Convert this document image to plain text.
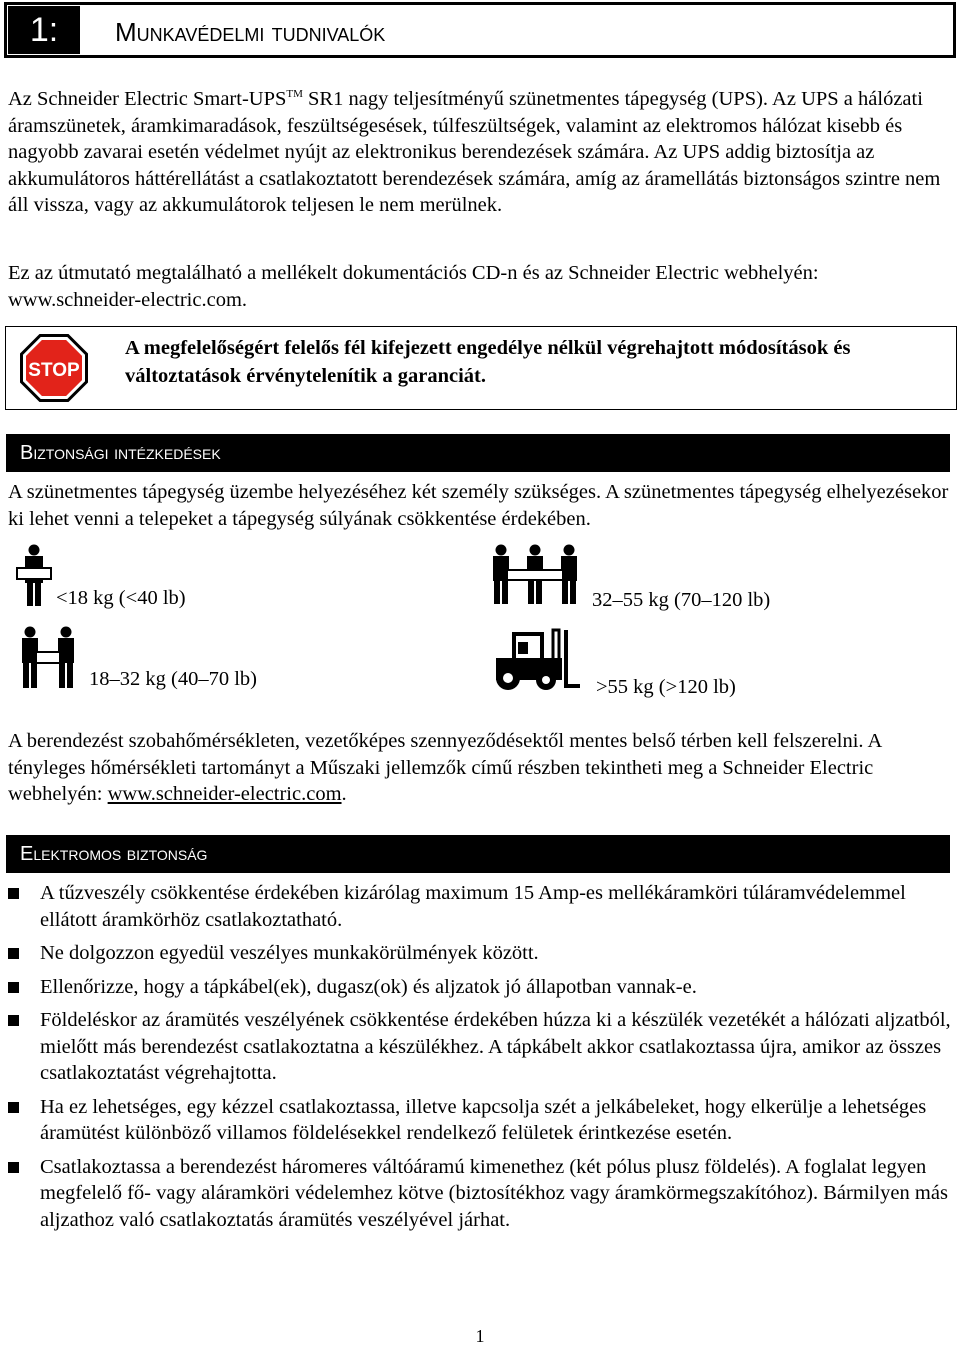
1:	Munkavédelmi tudnivalók

Az Schneider Electric Smart-UPS™ SR1 nagy teljesítményű szünetmentes tápegység (UPS). Az UPS a hálózati áramszünetek, áramkimaradások, feszültségesések, túlfeszültségek, valamint az elektromos hálózat kisebb és nagyobb zavarai esetén védelmet nyújt az elektronikus berendezések számára. Az UPS addig biztosítja az akkumulátoros háttérellátást a csatlakoztatott berendezések számára, amíg az áramellátás biztonságos szintre nem áll vissza, vagy az akkumulátorok teljesen le nem merülnek.

Ez az útmutató megtalálható a mellékelt dokumentációs CD-n és az Schneider Electric webhelyén: www.schneider-electric.com.

STOP
A megfelelőségért felelős fél kifejezett engedélye nélkül végrehajtott módosítások és változtatások érvénytelenítik a garanciát.
Biztonsági intézkedések

A szünetmentes tápegység üzembe helyezéséhez két személy szükséges. A szünetmentes tápegység elhelyezésekor ki lehet venni a telepeket a tápegység súlyának csökkentése érdekében.

<18 kg (<40 lb)
18–32 kg (40–70 lb)
32–55 kg (70–120 lb)
>55 kg (>120 lb)

A berendezést szobahőmérsékleten, vezetőképes szennyeződésektől mentes belső térben kell felszerelni. A tényleges hőmérsékleti tartományt a Műszaki jellemzők című részben tekintheti meg a Schneider Electric webhelyén: www.schneider-electric.com.

Elektromos biztonság
A tűzveszély csökkentése érdekében kizárólag maximum 15 Amp-es mellékáramköri túláramvédelemmel ellátott áramkörhöz csatlakoztatható.
Ne dolgozzon egyedül veszélyes munkakörülmények között.
Ellenőrizze, hogy a tápkábel(ek), dugasz(ok) és aljzatok jó állapotban vannak-e.
Földeléskor az áramütés veszélyének csökkentése érdekében húzza ki a készülék vezetékét a hálózati aljzatból, mielőtt más berendezést csatlakoztatna a készülékhez. A tápkábelt akkor csatlakoztassa újra, amikor az összes csatlakoztatást végrehajtotta.
Ha ez lehetséges, egy kézzel csatlakoztassa, illetve kapcsolja szét a jelkábeleket, hogy elkerülje a lehetséges áramütést különböző villamos földelésekkel rendelkező felületek érintkezése esetén.
Csatlakoztassa a berendezést háromeres váltóáramú kimenethez (két pólus plusz földelés). A foglalat legyen megfelelő fő- vagy aláramköri védelemhez kötve (biztosítékhoz vagy áramkörmegszakítóhoz). Bármilyen más aljzathoz való csatlakoztatás áramütés veszélyével járhat.
1
